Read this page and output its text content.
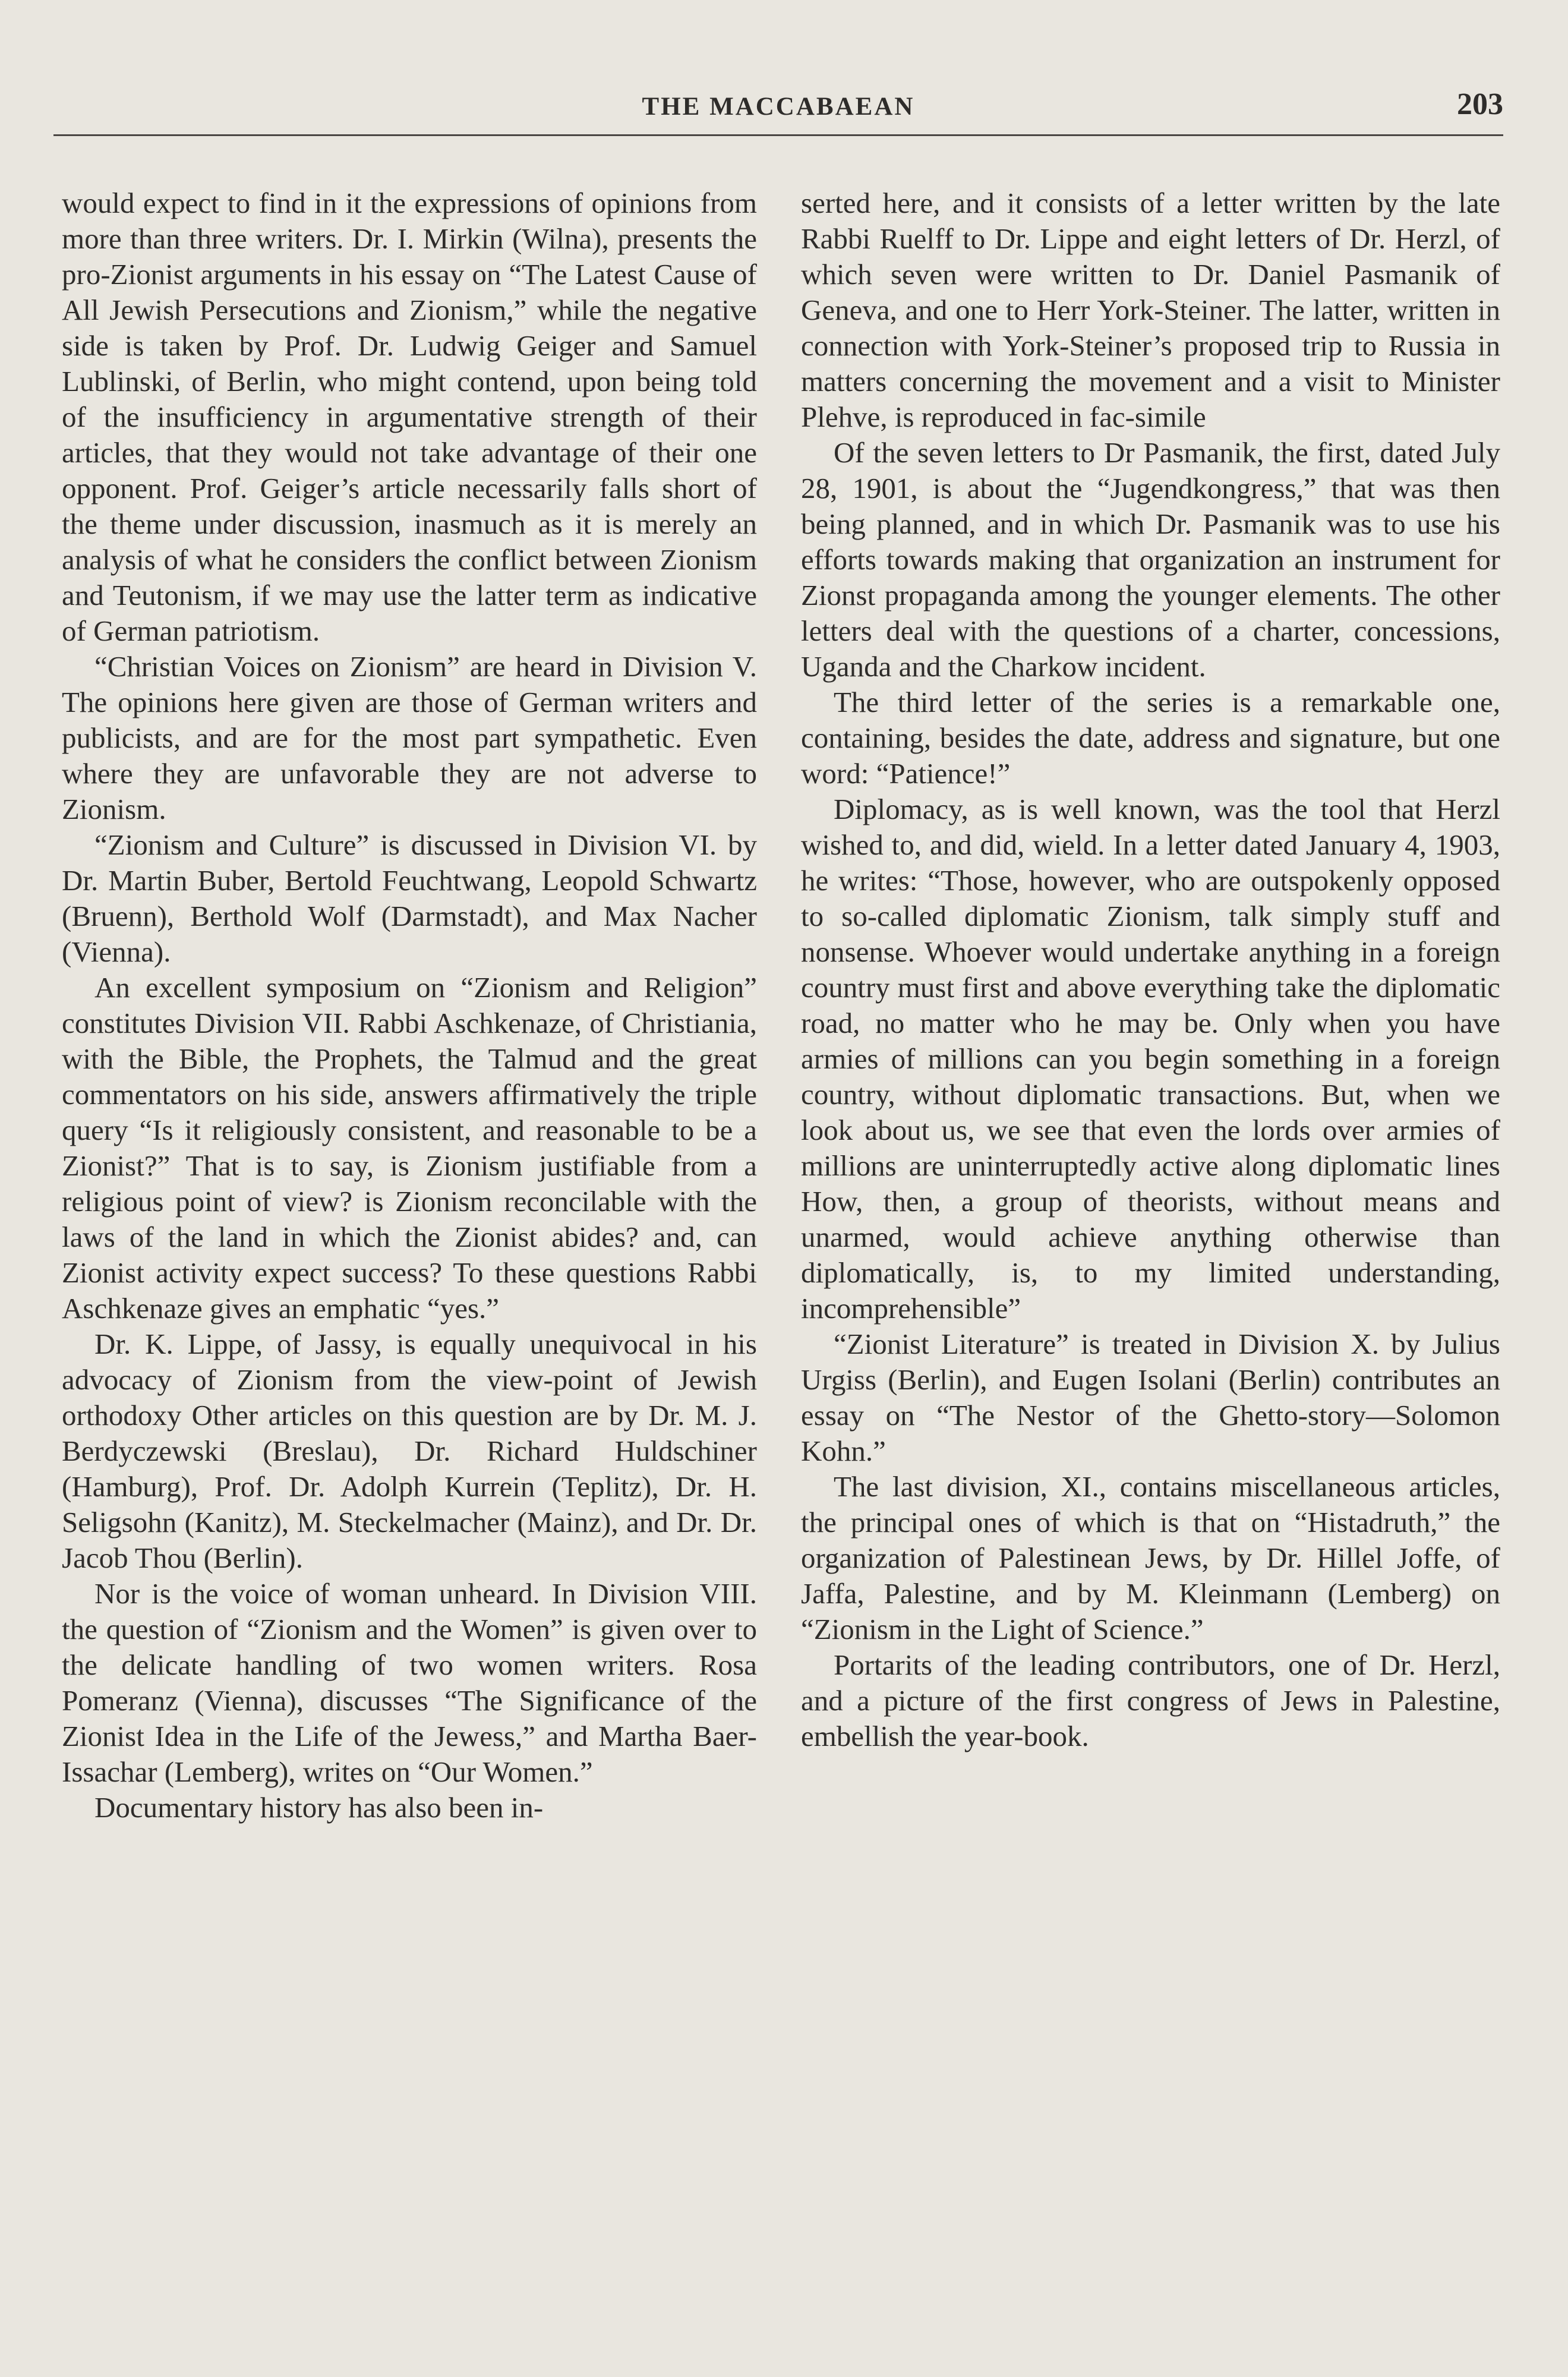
THE MACCABAEAN	203

would expect to find in it the expressions of opinions from more than three writers. Dr. I. Mirkin (Wilna), presents the pro-Zionist arguments in his essay on “The Latest Cause of All Jewish Persecutions and Zionism,” while the negative side is taken by Prof. Dr. Ludwig Geiger and Samuel Lublinski, of Berlin, who might contend, upon being told of the insufficiency in argumentative strength of their articles, that they would not take advantage of their one opponent. Prof. Geiger’s article necessarily falls short of the theme under discussion, inasmuch as it is merely an analysis of what he considers the conflict between Zionism and Teutonism, if we may use the latter term as indicative of German patriotism.

“Christian Voices on Zionism” are heard in Division V. The opinions here given are those of German writers and publicists, and are for the most part sympathetic. Even where they are unfavorable they are not adverse to Zionism.

“Zionism and Culture” is discussed in Division VI. by Dr. Martin Buber, Bertold Feuchtwang, Leopold Schwartz (Bruenn), Berthold Wolf (Darmstadt), and Max Nacher (Vienna).

An excellent symposium on “Zionism and Religion” constitutes Division VII. Rabbi Aschkenaze, of Christiania, with the Bible, the Prophets, the Talmud and the great commentators on his side, answers affirmatively the triple query “Is it religiously consistent, and reasonable to be a Zionist?” That is to say, is Zionism justifiable from a religious point of view? is Zionism reconcilable with the laws of the land in which the Zionist abides? and, can Zionist activity expect success? To these questions Rabbi Aschkenaze gives an emphatic “yes.”

Dr. K. Lippe, of Jassy, is equally unequivocal in his advocacy of Zionism from the view-point of Jewish orthodoxy Other articles on this question are by Dr. M. J. Berdyczewski (Breslau), Dr. Richard Huldschiner (Hamburg), Prof. Dr. Adolph Kurrein (Teplitz), Dr. H. Seligsohn (Kanitz), M. Steckelmacher (Mainz), and Dr. Dr. Jacob Thou (Berlin).

Nor is the voice of woman unheard. In Division VIII. the question of “Zionism and the Women” is given over to the delicate handling of two women writers. Rosa Pomeranz (Vienna), discusses “The Significance of the Zionist Idea in the Life of the Jewess,” and Martha Baer-Issachar (Lemberg), writes on “Our Women.”

Documentary history has also been in-

serted here, and it consists of a letter written by the late Rabbi Ruelff to Dr. Lippe and eight letters of Dr. Herzl, of which seven were written to Dr. Daniel Pasmanik of Geneva, and one to Herr York-Steiner. The latter, written in connection with York-Steiner’s proposed trip to Russia in matters concerning the movement and a visit to Minister Plehve, is reproduced in fac-simile

Of the seven letters to Dr Pasmanik, the first, dated July 28, 1901, is about the “Jugendkongress,” that was then being planned, and in which Dr. Pasmanik was to use his efforts towards making that organization an instrument for Zionst propaganda among the younger elements. The other letters deal with the questions of a charter, concessions, Uganda and the Charkow incident.

The third letter of the series is a remarkable one, containing, besides the date, address and signature, but one word: “Patience!”

Diplomacy, as is well known, was the tool that Herzl wished to, and did, wield. In a letter dated January 4, 1903, he writes: “Those, however, who are outspokenly opposed to so-called diplomatic Zionism, talk simply stuff and nonsense. Whoever would undertake anything in a foreign country must first and above everything take the diplomatic road, no matter who he may be. Only when you have armies of millions can you begin something in a foreign country, without diplomatic transactions. But, when we look about us, we see that even the lords over armies of millions are uninterruptedly active along diplomatic lines How, then, a group of theorists, without means and unarmed, would achieve anything otherwise than diplomatically, is, to my limited understanding, incomprehensible”

“Zionist Literature” is treated in Division X. by Julius Urgiss (Berlin), and Eugen Isolani (Berlin) contributes an essay on “The Nestor of the Ghetto-story—Solomon Kohn.”

The last division, XI., contains miscellaneous articles, the principal ones of which is that on “Histadruth,” the organization of Palestinean Jews, by Dr. Hillel Joffe, of Jaffa, Palestine, and by M. Kleinmann (Lemberg) on “Zionism in the Light of Science.”

Portarits of the leading contributors, one of Dr. Herzl, and a picture of the first congress of Jews in Palestine, embellish the year-book.
